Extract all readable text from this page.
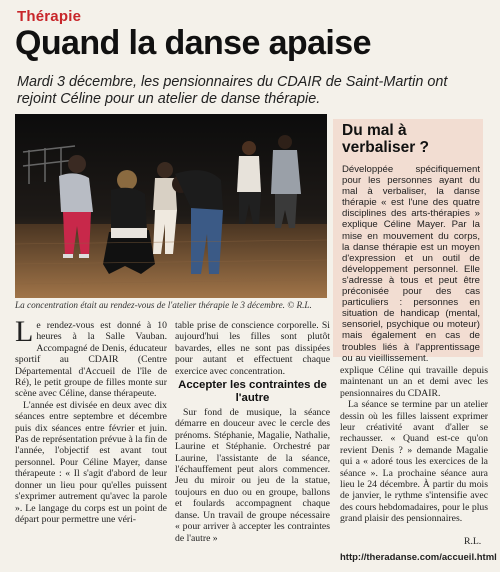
Thérapie
Quand la danse apaise
Mardi 3 décembre, les pensionnaires du CDAIR de Saint-Martin ont rejoint Céline pour un atelier de danse thérapie.
La concentration était au rendez-vous de l'atelier thérapie le 3 décembre. © R.L.
Du mal à verbaliser ?
Développée spécifiquement pour les personnes ayant du mal à verbaliser, la danse thérapie « est l'une des quatre disciplines des arts-thérapies » explique Céline Mayer. Par la mise en mouvement du corps, la danse thérapie est un moyen d'expression et un outil de développement personnel. Elle s'adresse à tous et peut être préconisée pour des cas particuliers : personnes en situation de handicap (mental, sensoriel, psychique ou moteur) mais également en cas de troubles liés à l'apprentissage ou au vieillissement.

Le rendez-vous est donné à 10 heures à la Salle Vauban. Accompagné de Denis, éducateur sportif au CDAIR (Centre Départemental d'Accueil de l'île de Ré), le petit groupe de filles monte sur scène avec Céline, danse thérapeute.

L'année est divisée en deux avec dix séances entre septembre et décembre puis dix séances entre février et juin. Pas de représentation prévue à la fin de l'année, l'objectif est avant tout personnel. Pour Céline Mayer, danse thérapeute : « Il s'agit d'abord de leur donner un lieu pour qu'elles puissent s'exprimer autrement qu'avec la parole ». Le langage du corps est un point de départ pour permettre une véri-

table prise de conscience corporelle. Si aujourd'hui les filles sont plutôt bavardes, elles ne sont pas dissipées pour autant et effectuent chaque exercice avec concentration.

Accepter les contraintes de l'autre

Sur fond de musique, la séance démarre en douceur avec le cercle des prénoms. Stéphanie, Magalie, Nathalie, Laurine et Stéphanie. Orchestré par Laurine, l'assistante de la séance, l'échauffement peut alors commencer. Jeu du miroir ou jeu de la statue, toujours en duo ou en groupe, ballons et foulards accompagnent chaque danse. Un travail de groupe nécessaire « pour arriver à accepter les contraintes de l'autre »

explique Céline qui travaille depuis maintenant un an et demi avec les pensionnaires du CDAIR.

La séance se termine par un atelier dessin où les filles laissent exprimer leur créativité avant d'aller se rechausser. « Quand est-ce qu'on revient Denis ? » demande Magalie qui a « adoré tous les exercices de la séance ». La prochaine séance aura lieu le 24 décembre. À partir du mois de janvier, le rythme s'intensifie avec des cours hebdomadaires, pour le plus grand plaisir des pensionnaires.

R.L.
http://theradanse.com/accueil.html
